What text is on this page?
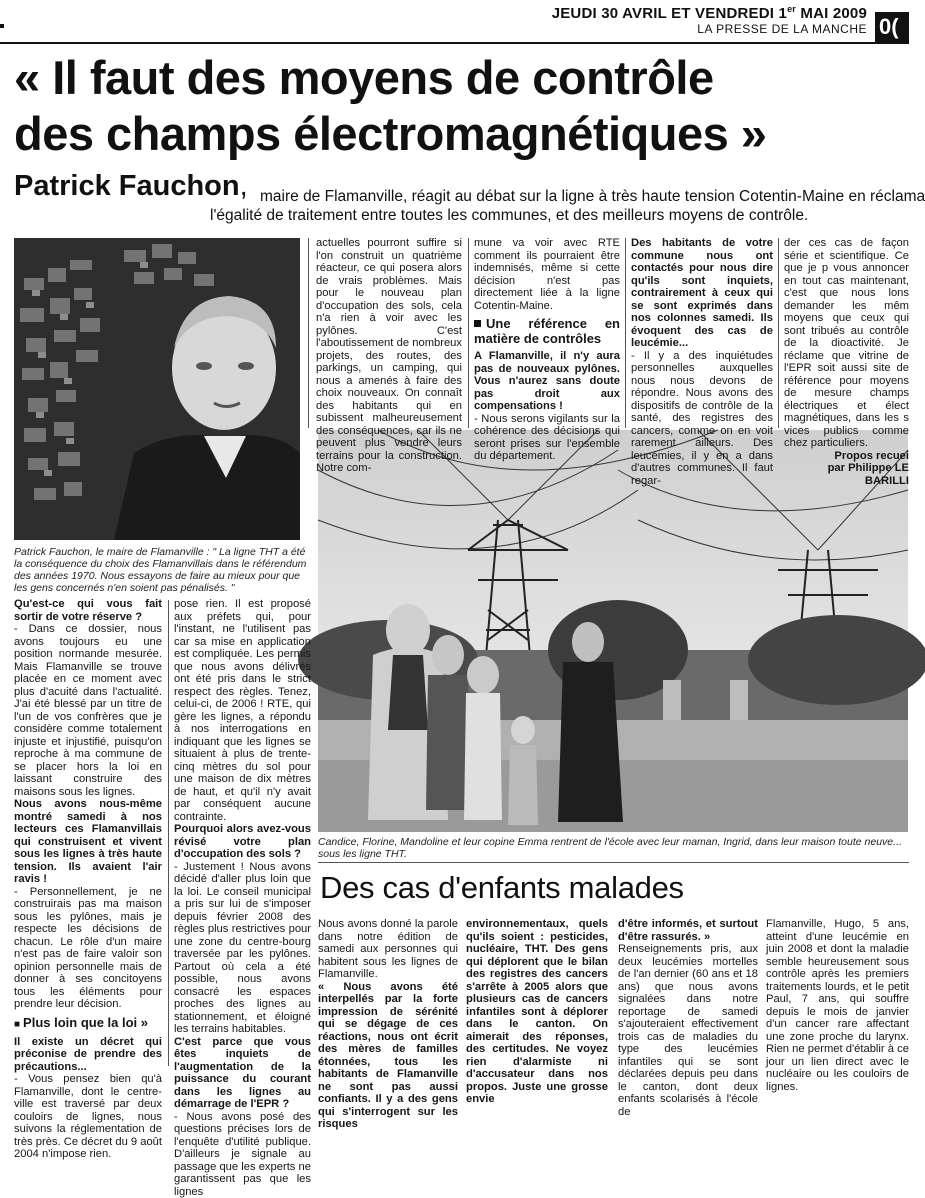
JEUDI 30 AVRIL ET VENDREDI 1er MAI 2009
LA PRESSE DE LA MANCHE 0(
« Il faut des moyens de contrôle
des champs électromagnétiques »
Patrick Fauchon, maire de Flamanville, réagit au débat sur la ligne à très haute tension Cotentin-Maine en réclama
l'égalité de traitement entre toutes les communes, et des meilleurs moyens de contrôle.
Patrick Fauchon, le maire de Flamanville : " La ligne THT a été la conséquence du choix des Flamanvillais dans le référendum des années 1970. Nous essayons de faire au mieux pour que les gens concernés n'en soient pas pénalisés. "
Candice, Florine, Mandoline et leur copine Emma rentrent de l'école avec leur maman, Ingrid, dans leur maison toute neuve... sous les ligne THT.

Qu'est-ce qui vous fait sortir de votre réserve ?

- Dans ce dossier, nous avons toujours eu une position normande mesurée. Mais Flamanville se trouve placée en ce moment avec plus d'acuité dans l'actualité. J'ai été blessé par un titre de l'un de vos confrères que je considère comme totalement injuste et injustifié, puisqu'on reproche à ma commune de se placer hors la loi en laissant construire des maisons sous les lignes.

Nous avons nous-même montré samedi à nos lecteurs ces Flamanvillais qui construisent et vivent sous les lignes à très haute tension. Ils avaient l'air ravis !

- Personnellement, je ne construirais pas ma maison sous les pylônes, mais je respecte les décisions de chacun. Le rôle d'un maire n'est pas de faire valoir son opinion personnelle mais de donner à ses concitoyens tous les éléments pour prendre leur décision.

■ Plus loin que la loi »

Il existe un décret qui préconise de prendre des précautions...

- Vous pensez bien qu'à Flamanville, dont le centre-ville est traversé par deux couloirs de lignes, nous suivons la réglementation de très près. Ce décret du 9 août 2004 n'impose rien.

pose rien. Il est proposé aux préfets qui, pour l'instant, ne l'utilisent pas car sa mise en application est compliquée. Les permis que nous avons délivrés ont été pris dans le strict respect des règles. Tenez, celui-ci, de 2006 ! RTE, qui gère les lignes, a répondu à nos interrogations en indiquant que les lignes se situaient à plus de trente-cinq mètres du sol pour une maison de dix mètres de haut, et qu'il n'y avait par conséquent aucune contrainte.

Pourquoi alors avez-vous révisé votre plan d'occupation des sols ?

- Justement ! Nous avons décidé d'aller plus loin que la loi. Le conseil municipal a pris sur lui de s'imposer depuis février 2008 des règles plus restrictives pour une zone du centre-bourg traversée par les pylônes. Partout où cela a été possible, nous avons consacré les espaces proches des lignes au stationnement, et éloigné les terrains habitables.

C'est parce que vous êtes inquiets de l'augmentation de la puissance du courant dans les lignes au démarrage de l'EPR ?

- Nous avons posé des questions précises lors de l'enquête d'utilité publique. D'ailleurs je signale au passage que les experts ne garantissent pas que les lignes

actuelles pourront suffire si l'on construit un quatrième réacteur, ce qui posera alors de vrais problèmes. Mais pour le nouveau plan d'occupation des sols, cela n'a rien à voir avec les pylônes. C'est l'aboutissement de nombreux projets, des routes, des parkings, un camping, qui nous a amenés à faire des choix nouveaux. On connaît des habitants qui en subissent malheureusement des conséquences, car ils ne peuvent plus vendre leurs terrains pour la construction. Notre com-

mune va voir avec RTE comment ils pourraient être indemnisés, même si cette décision n'est pas directement liée à la ligne Cotentin-Maine.

Une référence en matière de contrôles

A Flamanville, il n'y aura pas de nouveaux pylônes. Vous n'aurez sans doute pas droit aux compensations !

- Nous serons vigilants sur la cohérence des décisions qui seront prises sur l'ensemble du département.

Des habitants de votre commune nous ont contactés pour nous dire qu'ils sont inquiets, contrairement à ceux qui se sont exprimés dans nos colonnes samedi. Ils évoquent des cas de leucémie...

- Il y a des inquiétudes personnelles auxquelles nous nous devons de répondre. Nous avons des dispositifs de contrôle de la santé, des registres des cancers, comme on en voit rarement ailleurs. Des leucémies, il y en a dans d'autres communes. Il faut regar-

der ces cas de façon série et scientifique. Ce que je p vous annoncer en tout cas maintenant, c'est que nous lons demander les mêm moyens que ceux qui sont tribués au contrôle de la dioactivité. Je réclame que vitrine de l'EPR soit aussi site de référence pour moyens de mesure champs électriques et élect magnétiques, dans les s vices publics comme chez particuliers.

Propos recuei

par Philippe LE BARILLI

Des cas d'enfants malades

Nous avons donné la parole dans notre édition de samedi aux personnes qui habitent sous les lignes de Flamanville.

« Nous avons été interpellés par la forte impression de sérénité qui se dégage de ces réactions, nous ont écrit des mères de familles étonnées, tous les habitants de Flamanville ne sont pas aussi confiants. Il y a des gens qui s'interrogent sur les risques

environnementaux, quels qu'ils soient : pesticides, nucléaire, THT. Des gens qui déplorent que le bilan des registres des cancers s'arrête à 2005 alors que plusieurs cas de cancers infantiles sont à déplorer dans le canton. On aimerait des réponses, des certitudes. Ne voyez rien d'alarmiste ni d'accusateur dans nos propos. Juste une grosse envie

d'être informés, et surtout d'être rassurés. »

Renseignements pris, aux deux leucémies mortelles de l'an dernier (60 ans et 18 ans) que nous avons signalées dans notre reportage de samedi s'ajouteraient effectivement trois cas de maladies du type des leucémies infantiles qui se sont déclarées depuis peu dans le canton, dont deux enfants scolarisés à l'école de

Flamanville, Hugo, 5 ans, atteint d'une leucémie en juin 2008 et dont la maladie semble heureusement sous contrôle après les premiers traitements lourds, et le petit Paul, 7 ans, qui souffre depuis le mois de janvier d'un cancer rare affectant une zone proche du larynx. Rien ne permet d'établir à ce jour un lien direct avec le nucléaire ou les couloirs de lignes.
